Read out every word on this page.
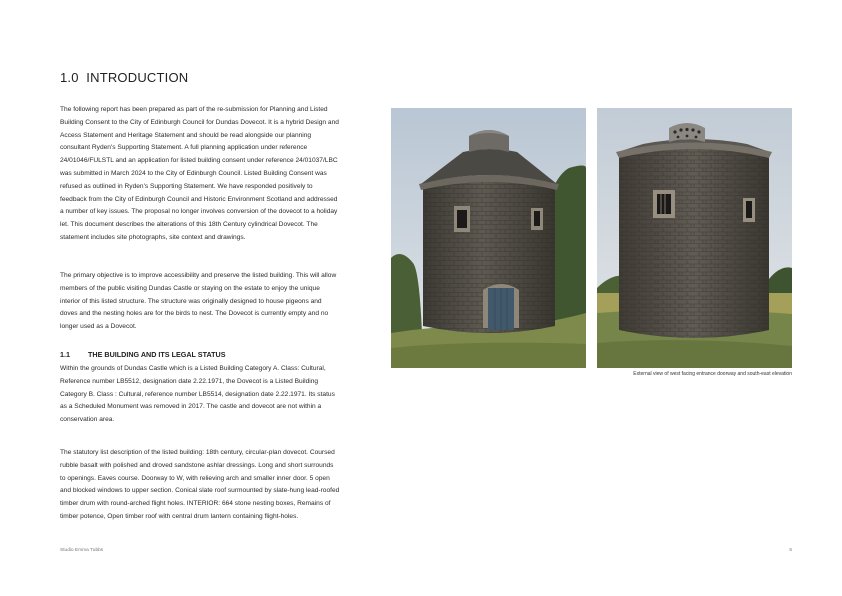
1.0 INTRODUCTION

The following report has been prepared as part of the re-submission for Planning and Listed Building Consent to the City of Edinburgh Council for Dundas Dovecot. It is a hybrid Design and Access Statement and Heritage Statement and should be read alongside our planning consultant Ryden's Supporting Statement. A full planning application under reference 24/01046/FULSTL and an application for listed building consent under reference 24/01037/LBC was submitted in March 2024 to the City of Edinburgh Council. Listed Building Consent was refused as outlined in Ryden's Supporting Statement. We have responded positively to feedback from the City of Edinburgh Council and Historic Environment Scotland and addressed a number of key issues. The proposal no longer involves conversion of the dovecot to a holiday let. This document describes the alterations of this 18th Century cylindrical Dovecot. The statement includes site photographs, site context and drawings.

The primary objective is to improve accessibility and preserve the listed building. This will allow members of the public visiting Dundas Castle or staying on the estate to enjoy the unique interior of this listed structure. The structure was originally designed to house pigeons and doves and the nesting holes are for the birds to nest. The Dovecot is currently empty and no longer used as a Dovecot.

1.1	THE BUILDING AND ITS LEGAL STATUS

Within the grounds of Dundas Castle which is a Listed Building Category A. Class: Cultural, Reference number LB5512, designation date 2.22.1971, the Dovecot is a Listed Building Category B. Class : Cultural, reference number LB5514, designation date 2.22.1971. Its status as a Scheduled Monument was removed in 2017. The castle and dovecot are not within a conservation area.

The statutory list description of the listed building: 18th century, circular-plan dovecot. Coursed rubble basalt with polished and droved sandstone ashlar dressings. Long and short surrounds to openings. Eaves course. Doorway to W, with relieving arch and smaller inner door. 5 open and blocked windows to upper section. Conical slate roof surmounted by slate-hung lead-roofed timber drum with round-arched flight holes. INTERIOR: 664 stone nesting boxes, Remains of timber potence, Open timber roof with central drum lantern containing flight-holes.

External view of west facing entrance doorway and south-east elevation
Studio Emma Tubbs	5
